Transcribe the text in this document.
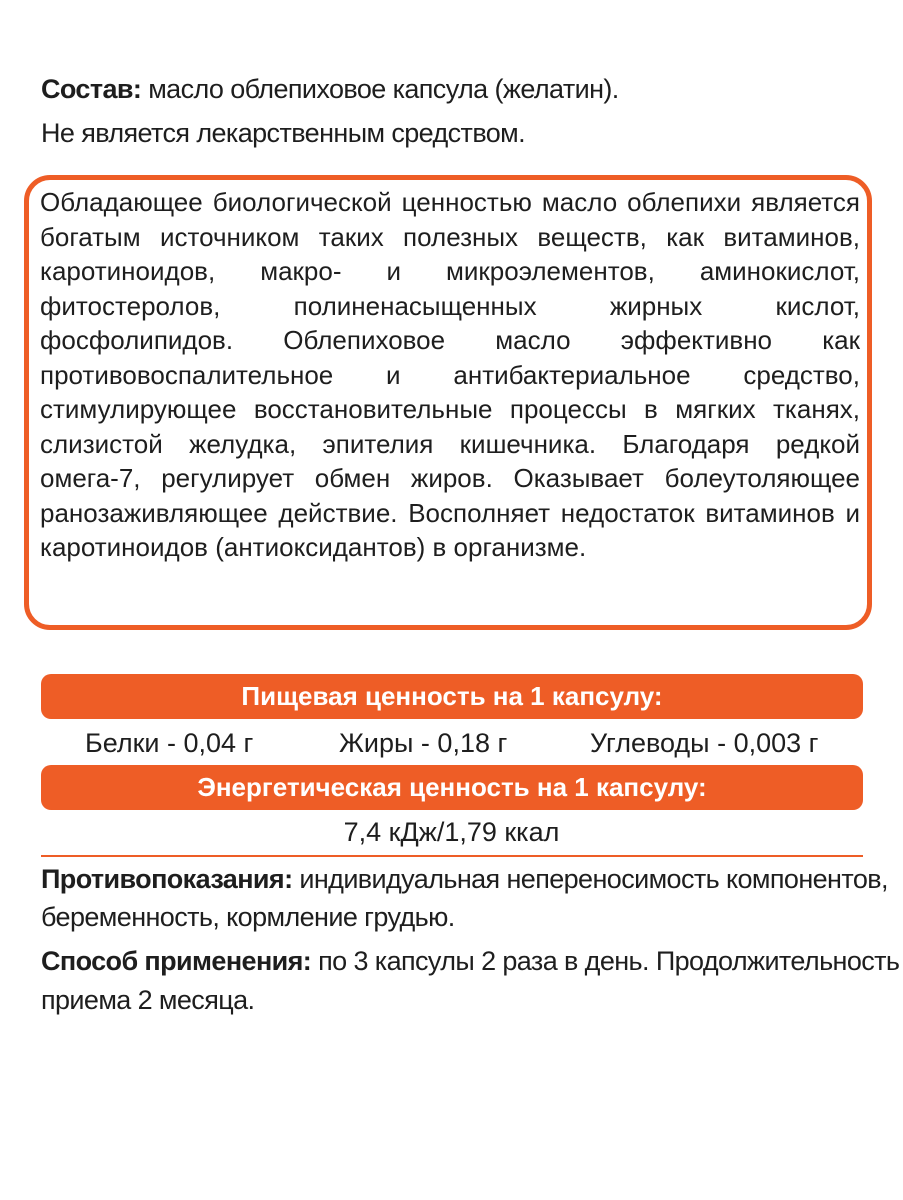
Состав: масло облепиховое капсула (желатин).
Не является лекарственным средством.
Обладающее биологической ценностью масло облепихи является богатым источником таких полезных веществ, как витаминов, каротиноидов, макро- и микроэлементов, аминокислот, фитостеролов, полиненасыщенных жирных кислот, фосфолипидов. Облепиховое масло эффективно как противовоспалительное и антибактериальное средство, стимулирующее восстановительные процессы в мягких тканях, слизистой желудка, эпителия кишечника. Благодаря редкой омега-7, регулирует обмен жиров. Оказывает болеутоляющее ранозаживляющее действие. Восполняет недостаток витаминов и каротиноидов (антиоксидантов) в организме.
Пищевая ценность на 1 капсулу:
Белки - 0,04 г	Жиры - 0,18 г	Углеводы - 0,003 г
Энергетическая ценность на 1 капсулу:
7,4 кДж/1,79 ккал
Противопоказания: индивидуальная непереносимость компонентов,
беременность, кормление грудью.
Способ применения: по 3 капсулы 2 раза в день. Продолжительность
приема 2 месяца.
